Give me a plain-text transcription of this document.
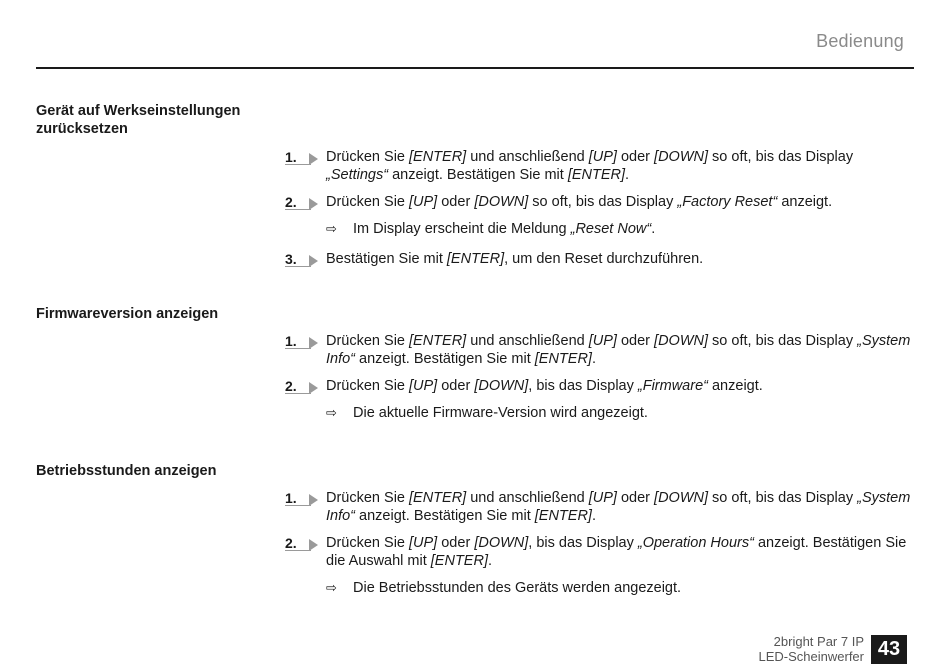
Bedienung
Gerät auf Werkseinstellungen zurücksetzen
1. Drücken Sie [ENTER] und anschließend [UP] oder [DOWN] so oft, bis das Display „Settings“ anzeigt. Bestätigen Sie mit [ENTER].
2. Drücken Sie [UP] oder [DOWN] so oft, bis das Display „Factory Reset“ anzeigt.
⇨ Im Display erscheint die Meldung „Reset Now“.
3. Bestätigen Sie mit [ENTER], um den Reset durchzuführen.
Firmwareversion anzeigen
1. Drücken Sie [ENTER] und anschließend [UP] oder [DOWN] so oft, bis das Display „System Info“ anzeigt. Bestätigen Sie mit [ENTER].
2. Drücken Sie [UP] oder [DOWN], bis das Display „Firmware“ anzeigt.
⇨ Die aktuelle Firmware-Version wird angezeigt.
Betriebsstunden anzeigen
1. Drücken Sie [ENTER] und anschließend [UP] oder [DOWN] so oft, bis das Display „System Info“ anzeigt. Bestätigen Sie mit [ENTER].
2. Drücken Sie [UP] oder [DOWN], bis das Display „Operation Hours“ anzeigt. Bestätigen Sie die Auswahl mit [ENTER].
⇨ Die Betriebsstunden des Geräts werden angezeigt.
2bright Par 7 IP
LED-Scheinwerfer 43
